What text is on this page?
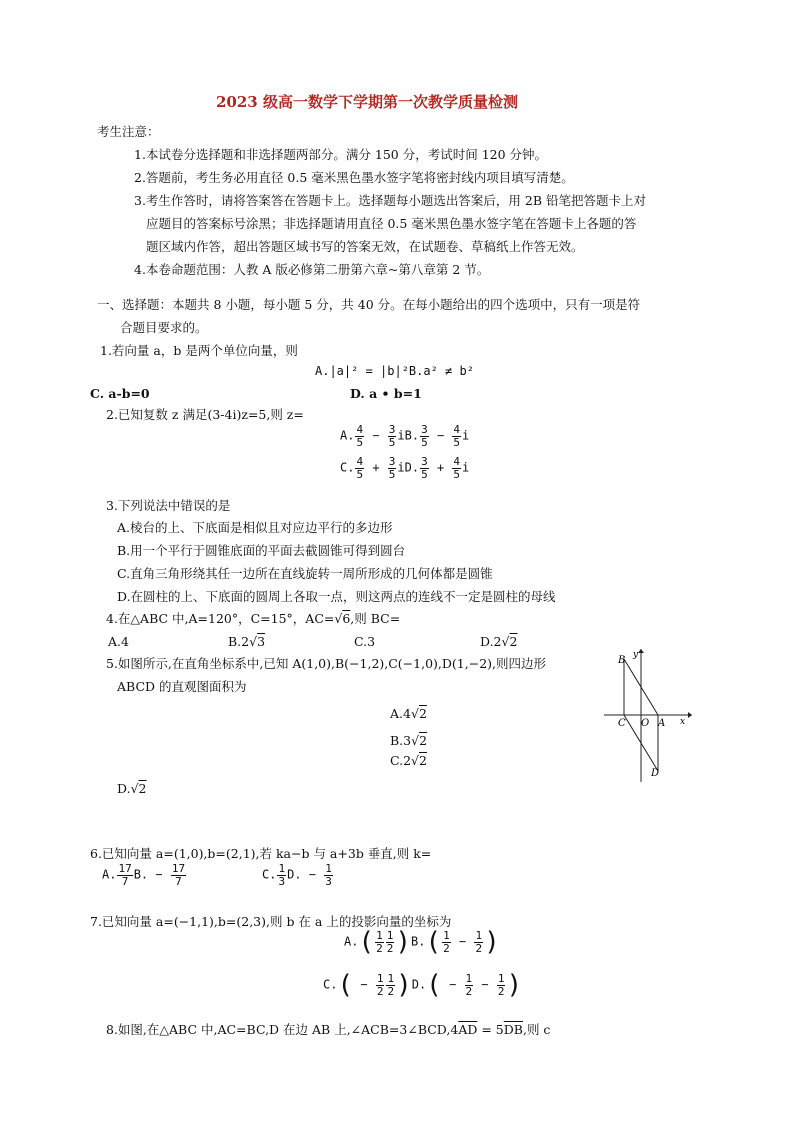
2023 级高一数学下学期第一次教学质量检测
考生注意：
1.本试卷分选择题和非选择题两部分。满分 150 分，考试时间 120 分钟。
2.答题前，考生务必用直径 0.5 毫米黑色墨水签字笔将密封线内项目填写清楚。
3.考生作答时，请将答案答在答题卡上。选择题每小题选出答案后，用 2B 铅笔把答题卡上对
应题目的答案标号涂黑；非选择题请用直径 0.5 毫米黑色墨水签字笔在答题卡上各题的答
题区域内作答，超出答题区域书写的答案无效，在试题卷、草稿纸上作答无效。
4.本卷命题范围：人教 A 版必修第二册第六章~第八章第 2 节。
一、选择题：本题共 8 小题，每小题 5 分，共 40 分。在每小题给出的四个选项中，只有一项是符
合题目要求的。
1.若向量 a，b 是两个单位向量，则
A.|a|² = |b|²B.a² ≠ b²
C. a-b=0	D. a • b=1
2.已知复数 z 满足(3-4i)z=5,则 z=
A. $\frac{4}{5} - \frac{3}{5}$ iB. $\frac{3}{5} - \frac{4}{5}$ i
C. $\frac{4}{5} + \frac{3}{5}$ iD. $\frac{3}{5} + \frac{4}{5}$ i
3.下列说法中错误的是
A.棱台的上、下底面是相似且对应边平行的多边形
B.用一个平行于圆锥底面的平面去截圆锥可得到圆台
C.直角三角形绕其任一边所在直线旋转一周所形成的几何体都是圆锥
D.在圆柱的上、下底面的圆周上各取一点，则这两点的连线不一定是圆柱的母线
4.在△ABC 中,A=120°，C=15°，AC=√6,则 BC=
A.4	B.2√3	C.3	D.2√2
5.如图所示,在直角坐标系中,已知 A(1,0),B(−1,2),C(−1,0),D(1,−2),则四边形
ABCD 的直观图面积为
A.4√2
B.3√2
C.2√2
D.√2
B
C O A
D
x
y
6.已知向量 a=(1,0),b=(2,1),若 ka−b 与 a+3b 垂直,则 k=
A. $\frac{17}{7} B$. − $\frac{17}{7}$	C. $\frac{1}{3} D$. − $\frac{1}{3}$
7.已知向量 a=(−1,1),b=(2,3),则 b 在 a 上的投影向量的坐标为
$A.( \frac{1}{2} \frac{1}{2} )B.( \frac{1}{2} - \frac{1}{2}$ )
$C.( - \frac{1}{2} \frac{1}{2} )D.( - \frac{1}{2} - \frac{1}{2}$ )
8.如图,在△ABC 中,AC=BC,D 在边 AB 上$,\angle ACB=3\angle BCD,4\overline{AD} = 5\overline{DB}$,则 c
